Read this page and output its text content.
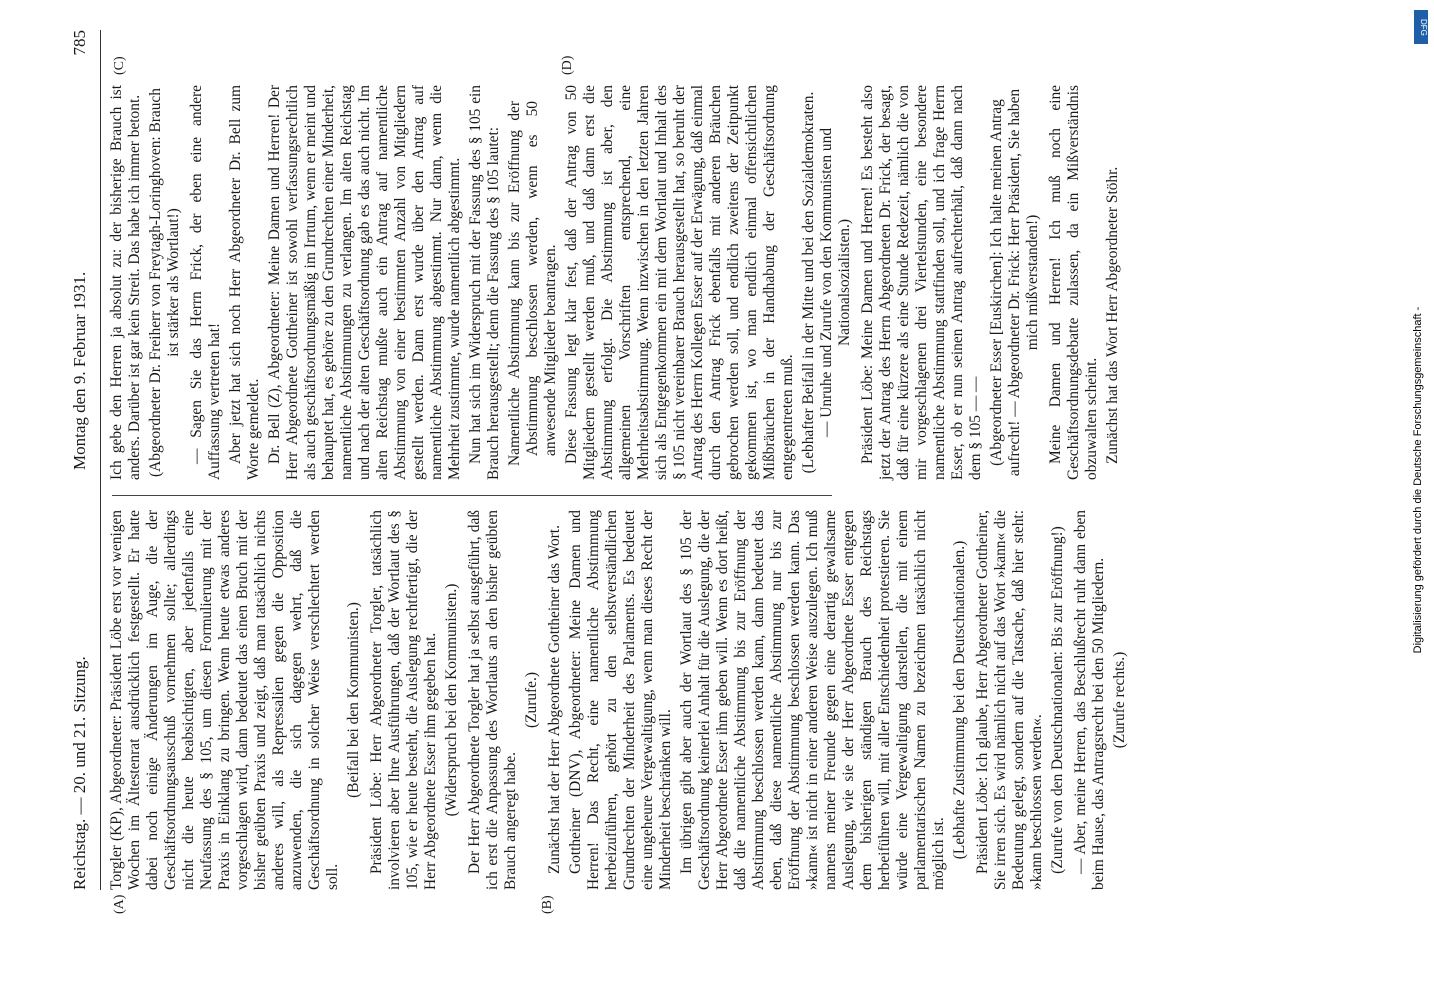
Reichstag. — 20. und 21. Sitzung.
785
Montag den 9. Februar 1931.
(A)	(B)
(C)	(D)

Torgler (KP), Abgeordneter: Präsident Löbe erst vor wenigen Wochen im Ältestenrat ausdrücklich festgestellt. Er hatte dabei noch einige Änderungen im Auge, die der Geschäftsordnungsausschuß vornehmen sollte; allerdings nicht die heute beabsichtigten, aber jedenfalls eine Neufassung des § 105, um diesen Formulierung mit der Praxis in Einklang zu bringen. Wenn heute etwas anderes vorgeschlagen wird, dann bedeutet das einen Bruch mit der bisher geübten Praxis und zeigt, daß man tatsächlich nichts anderes will, als Repressalien gegen die Opposition anzuwenden, die sich dagegen wehrt, daß die Geschäftsordnung in solcher Weise verschlechtert werden soll.

(Beifall bei den Kommunisten.) Präsident Löbe: Herr Abgeordneter Torgler, tatsächlich involvieren aber Ihre Ausführungen, daß der Wortlaut des § 105, wie er heute besteht, die Auslegung rechtfertigt, die der Herr Abgeordnete Esser ihm gegeben hat. (Widerspruch bei den Kommunisten.) Der Herr Abgeordnete Torgler hat ja selbst ausgeführt, daß ich erst die Anpassung des Wortlauts an den bisher geübten Brauch angeregt habe.

(Zurufe.) Zunächst hat der Herr Abgeordnete Gottheiner das Wort. Gottheiner (DNV), Abgeordneter: Meine Damen und Herren! Das Recht, eine namentliche Abstimmung herbeizuführen, gehört zu den selbstverständlichen Grundrechten der Minderheit des Parlaments. Es bedeutet eine ungeheure Vergewaltigung, wenn man dieses Recht der Minderheit beschränken will. Im übrigen gibt aber auch der Wortlaut des § 105 der Geschäftsordnung keinerlei Anhalt für die Auslegung, die der Herr Abgeordnete Esser ihm geben will. Wenn es dort heißt, daß die namentliche Abstimmung bis zur Eröffnung der Abstimmung beschlossen werden kann, dann bedeutet das eben, daß diese namentliche Abstimmung nur bis zur Eröffnung der Abstimmung beschlossen werden kann. Das »kann« ist nicht in einer anderen Weise auszulegen. Ich muß namens meiner Freunde gegen eine derartig gewaltsame Auslegung, wie sie der Herr Abgeordnete Esser entgegen dem bisherigen ständigen Brauch des Reichstags herbeiführen will, mit aller Entschiedenheit protestieren. Sie würde eine Vergewaltigung darstellen, die mit einem parlamentarischen Namen zu bezeichnen tatsächlich nicht möglich ist. (Lebhafte Zustimmung bei den Deutschnationalen.) Präsident Löbe: Ich glaube, Herr Abgeordneter Gottheiner, Sie irren sich. Es wird nämlich nicht auf das Wort »kann« die Bedeutung gelegt, sondern auf die Tatsache, daß hier steht: »kann beschlossen werden«. (Zurufe von den Deutschnationalen: Bis zur Eröffnung!) — Aber, meine Herren, das Beschlußrecht ruht dann eben beim Hause, das Antragsrecht bei den 50 Mitgliedern. (Zurufe rechts.)

Ich gebe den Herren ja absolut zu: der bisherige Brauch ist anders. Darüber ist gar kein Streit. Das habe ich immer betont. (Abgeordneter Dr. Freiherr von Freytagh-Loringhoven: Brauch ist stärker als Wortlaut!) — Sagen Sie das Herrn Frick, der eben eine andere Auffassung vertreten hat! Aber jetzt hat sich noch Herr Abgeordneter Dr. Bell zum Worte gemeldet. Dr. Bell (Z), Abgeordneter: Meine Damen und Herren! Der Herr Abgeordnete Gottheiner ist sowohl verfassungsrechtlich als auch geschäftsordnungsmäßig im Irrtum, wenn er meint und behauptet hat, es gehöre zu den Grundrechten einer Minderheit, namentliche Abstimmungen zu verlangen. Im alten Reichstag und nach der alten Geschäftsordnung gab es das auch nicht. Im alten Reichstag mußte auch ein Antrag auf namentliche Abstimmung von einer bestimmten Anzahl von Mitgliedern gestellt werden. Dann erst wurde über den Antrag auf namentliche Abstimmung abgestimmt. Nur dann, wenn die Mehrheit zustimmte, wurde namentlich abgestimmt. Nun hat sich im Widerspruch mit der Fassung des § 105 ein Brauch herausgestellt; denn die Fassung des § 105 lautet: Namentliche Abstimmung kann bis zur Eröffnung der Abstimmung beschlossen werden, wenn es 50 anwesende Mitglieder beantragen. Diese Fassung legt klar fest, daß der Antrag von 50 Mitgliedern gestellt werden muß, und daß dann erst die Abstimmung erfolgt. Die Abstimmung ist aber, den allgemeinen Vorschriften entsprechend, eine Mehrheitsabstimmung. Wenn inzwischen in den letzten Jahren sich als Entgegenkommen ein mit dem Wortlaut und Inhalt des § 105 nicht vereinbarer Brauch herausgestellt hat, so beruht der Antrag des Herrn Kollegen Esser auf der Erwägung, daß einmal durch den Antrag Frick ebenfalls mit anderen Bräuchen gebrochen werden soll, und endlich zweitens der Zeitpunkt gekommen ist, wo man endlich einmal offensichtlichen Mißbräuchen in der Handhabung der Geschäftsordnung entgegentreten muß. (Lebhafter Beifall in der Mitte und bei den Sozialdemokraten. — Unruhe und Zurufe von den Kommunisten und Nationalsozialisten.) Präsident Löbe: Meine Damen und Herren! Es besteht also jetzt der Antrag des Herrn Abgeordneten Dr. Frick, der besagt, daß für eine kürzere als eine Stunde Redezeit, nämlich die von mir vorgeschlagenen drei Viertelstunden, eine besondere namentliche Abstimmung stattfinden soll, und ich frage Herrn Esser, ob er nun seinen Antrag aufrechterhält, daß dann nach dem § 105 — — (Abgeordneter Esser [Euskirchen]: Ich halte meinen Antrag aufrecht! — Abgeordneter Dr. Frick: Herr Präsident, Sie haben mich mißverstanden!) Meine Damen und Herren! Ich muß noch eine Geschäftsordnungsdebatte zulassen, da ein Mißverständnis obzuwalten scheint. Zunächst hat das Wort Herr Abgeordneter Stöhr.	Digitalisierung gefördert durch die Deutsche Forschungsgemeinschaft -
DFG
